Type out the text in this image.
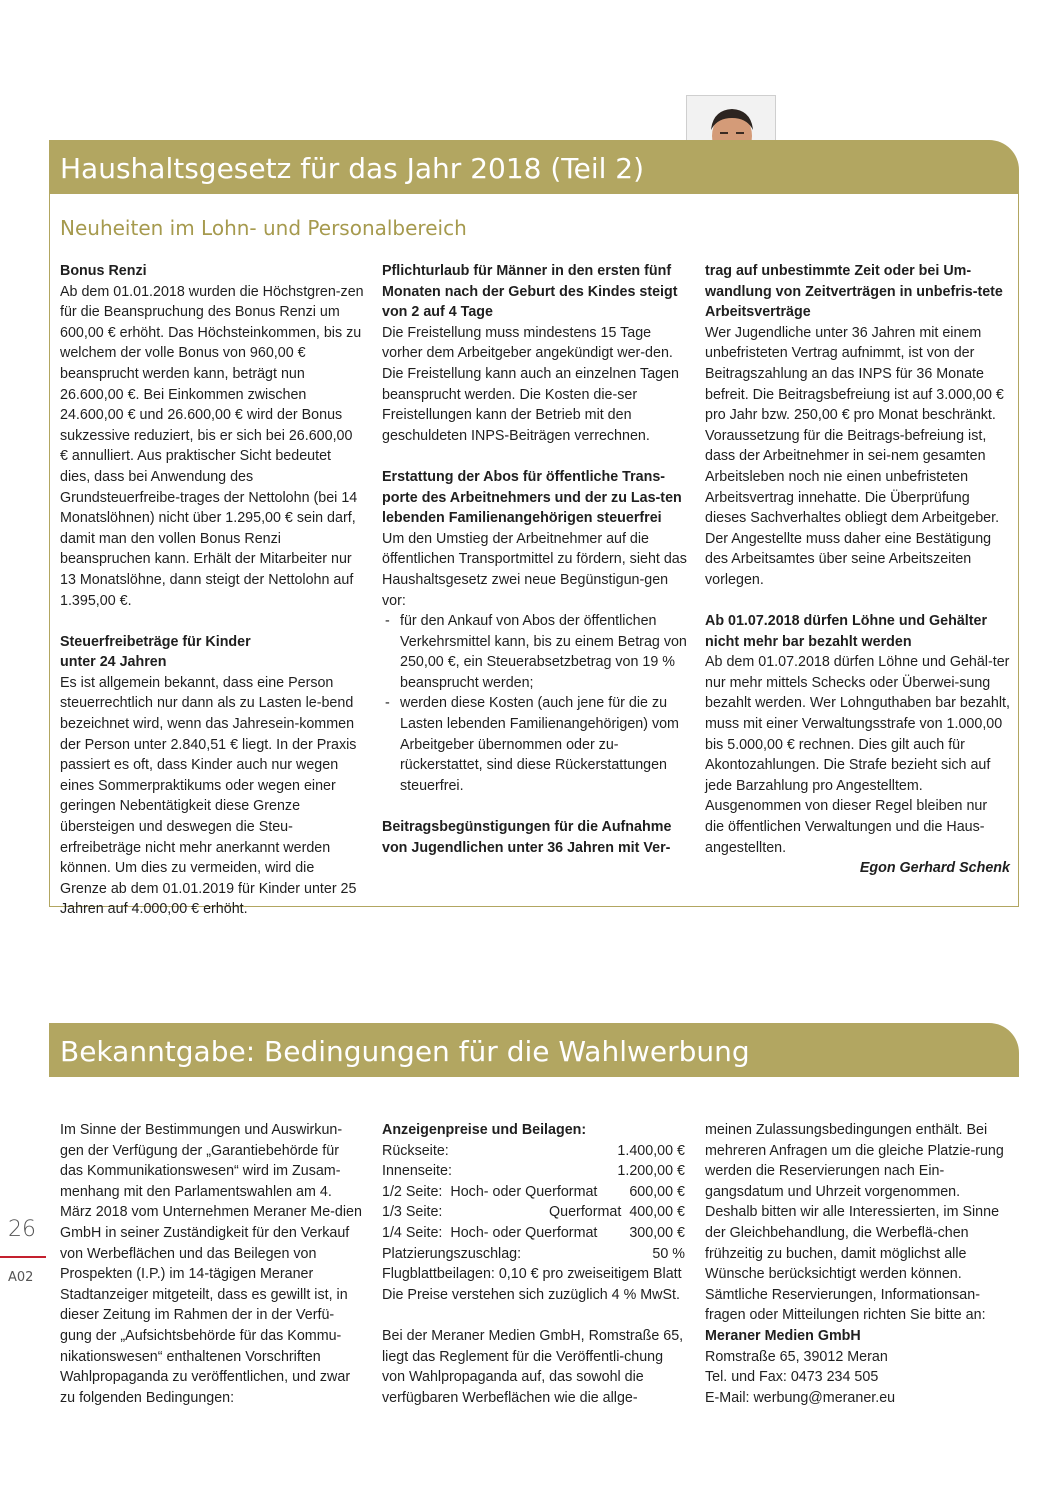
Haushaltsgesetz für das Jahr 2018 (Teil 2)
Neuheiten im Lohn- und Personalbereich

Bonus Renzi

Ab dem 01.01.2018 wurden die Höchstgren-zen für die Beanspruchung des Bonus Renzi um 600,00 € erhöht. Das Höchsteinkommen, bis zu welchem der volle Bonus von 960,00 € beansprucht werden kann, beträgt nun 26.600,00 €. Bei Einkommen zwischen 24.600,00 € und 26.600,00 € wird der Bonus sukzessive reduziert, bis er sich bei 26.600,00 € annulliert. Aus praktischer Sicht bedeutet dies, dass bei Anwendung des Grundsteuerfreibe-trages der Nettolohn (bei 14 Monatslöhnen) nicht über 1.295,00 € sein darf, damit man den vollen Bonus Renzi beanspruchen kann. Erhält der Mitarbeiter nur 13 Monatslöhne, dann steigt der Nettolohn auf 1.395,00 €.

Steuerfreibeträge für Kinder unter 24 Jahren

Es ist allgemein bekannt, dass eine Person steuerrechtlich nur dann als zu Lasten le-bend bezeichnet wird, wenn das Jahresein-kommen der Person unter 2.840,51 € liegt. In der Praxis passiert es oft, dass Kinder auch nur wegen eines Sommerpraktikums oder wegen einer geringen Nebentätigkeit diese Grenze übersteigen und deswegen die Steu-erfreibeträge nicht mehr anerkannt werden können. Um dies zu vermeiden, wird die Grenze ab dem 01.01.2019 für Kinder unter 25 Jahren auf 4.000,00 € erhöht.

Pflichturlaub für Männer in den ersten fünf Monaten nach der Geburt des Kindes steigt von 2 auf 4 Tage

Die Freistellung muss mindestens 15 Tage vorher dem Arbeitgeber angekündigt wer-den. Die Freistellung kann auch an einzelnen Tagen beansprucht werden. Die Kosten die-ser Freistellungen kann der Betrieb mit den geschuldeten INPS-Beiträgen verrechnen.

Erstattung der Abos für öffentliche Trans-porte des Arbeitnehmers und der zu Las-ten lebenden Familienangehörigen steuerfrei

Um den Umstieg der Arbeitnehmer auf die öffentlichen Transportmittel zu fördern, sieht das Haushaltsgesetz zwei neue Begünstigun-gen vor:

- für den Ankauf von Abos der öffentlichen Verkehrsmittel kann, bis zu einem Betrag von 250,00 €, ein Steuerabsetzbetrag von 19 % beansprucht werden;
- werden diese Kosten (auch jene für die zu Lasten lebenden Familienangehörigen) vom Arbeitgeber übernommen oder zu-rückerstattet, sind diese Rückerstattungen steuerfrei.

Beitragsbegünstigungen für die Aufnahme von Jugendlichen unter 36 Jahren mit Ver-

trag auf unbestimmte Zeit oder bei Um-wandlung von Zeitverträgen in unbefris-tete Arbeitsverträge

Wer Jugendliche unter 36 Jahren mit einem unbefristeten Vertrag aufnimmt, ist von der Beitragszahlung an das INPS für 36 Monate befreit. Die Beitragsbefreiung ist auf 3.000,00 € pro Jahr bzw. 250,00 € pro Monat beschränkt. Voraussetzung für die Beitrags-befreiung ist, dass der Arbeitnehmer in sei-nem gesamten Arbeitsleben noch nie einen unbefristeten Arbeitsvertrag innehatte. Die Überprüfung dieses Sachverhaltes obliegt dem Arbeitgeber. Der Angestellte muss daher eine Bestätigung des Arbeitsamtes über seine Arbeitszeiten vorlegen.

Ab 01.07.2018 dürfen Löhne und Gehälter nicht mehr bar bezahlt werden

Ab dem 01.07.2018 dürfen Löhne und Gehäl-ter nur mehr mittels Schecks oder Überwei-sung bezahlt werden. Wer Lohnguthaben bar bezahlt, muss mit einer Verwaltungsstrafe von 1.000,00 bis 5.000,00 € rechnen. Dies gilt auch für Akontozahlungen. Die Strafe bezieht sich auf jede Barzahlung pro Angestelltem. Ausgenommen von dieser Regel bleiben nur die öffentlichen Verwaltungen und die Haus-angestellten.

Egon Gerhard Schenk

Bekanntgabe: Bedingungen für die Wahlwerbung

Im Sinne der Bestimmungen und Auswirkun-gen der Verfügung der „Garantiebehörde für das Kommunikationswesen“ wird im Zusam-menhang mit den Parlamentswahlen am 4. März 2018 vom Unternehmen Meraner Me-dien GmbH in seiner Zuständigkeit für den Verkauf von Werbeflächen und das Beilegen von Prospekten (I.P.) im 14-tägigen Meraner Stadtanzeiger mitgeteilt, dass es gewillt ist, in dieser Zeitung im Rahmen der in der Verfü-gung der „Aufsichtsbehörde für das Kommu-nikationswesen“ enthaltenen Vorschriften Wahlpropaganda zu veröffentlichen, und zwar zu folgenden Bedingungen:

Anzeigenpreise und Beilagen:

Rückseite:	1.400,00 €
Innenseite:	1.200,00 €
1/2 Seite: Hoch- oder Querformat 600,00 €
1/3 Seite:	Querformat 400,00 €
1/4 Seite: Hoch- oder Querformat 300,00 €
Platzierungszuschlag:	50 %

Flugblattbeilagen: 0,10 € pro zweiseitigem Blatt

Die Preise verstehen sich zuzüglich 4 % MwSt.

Bei der Meraner Medien GmbH, Romstraße 65, liegt das Reglement für die Veröffentli-chung von Wahlpropaganda auf, das sowohl die verfügbaren Werbeflächen wie die allge-

meinen Zulassungsbedingungen enthält. Bei mehreren Anfragen um die gleiche Platzie-rung werden die Reservierungen nach Ein-gangsdatum und Uhrzeit vorgenommen. Deshalb bitten wir alle Interessierten, im Sinne der Gleichbehandlung, die Werbeflä-chen frühzeitig zu buchen, damit möglichst alle Wünsche berücksichtigt werden können. Sämtliche Reservierungen, Informationsan-fragen oder Mitteilungen richten Sie bitte an:

Meraner Medien GmbH

Romstraße 65, 39012 Meran

Tel. und Fax: 0473 234 505

E-Mail: werbung@meraner.eu

26
A02
